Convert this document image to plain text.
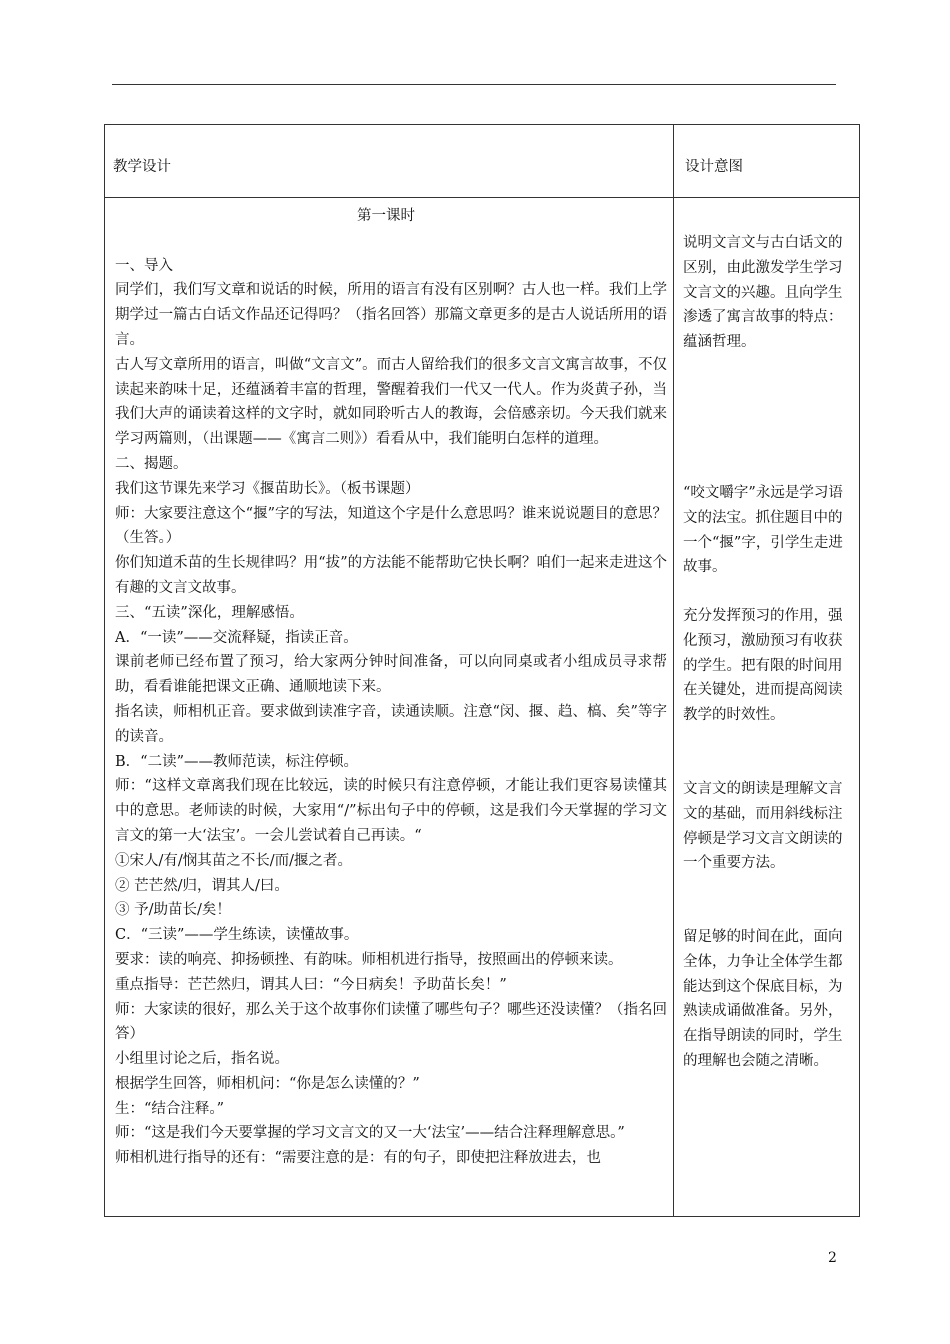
教学设计	设计意图

第一课时

一、导入

同学们，我们写文章和说话的时候，所用的语言有没有区别啊？古人也一样。我们上学期学过一篇古白话文作品还记得吗？（指名回答）那篇文章更多的是古人说话所用的语言。

古人写文章所用的语言，叫做“文言文”。而古人留给我们的很多文言文寓言故事，不仅读起来韵味十足，还蕴涵着丰富的哲理，警醒着我们一代又一代人。作为炎黄子孙，当我们大声的诵读着这样的文字时，就如同聆听古人的教诲，会倍感亲切。今天我们就来学习两篇则，（出课题——《寓言二则》）看看从中，我们能明白怎样的道理。

二、揭题。

我们这节课先来学习《揠苗助长》。（板书课题）

师：大家要注意这个“揠”字的写法，知道这个字是什么意思吗？谁来说说题目的意思？（生答。）

你们知道禾苗的生长规律吗？用“拔”的方法能不能帮助它快长啊？咱们一起来走进这个有趣的文言文故事。

三、“五读”深化，理解感悟。

A．“一读”——交流释疑，指读正音。

课前老师已经布置了预习，给大家两分钟时间准备，可以向同桌或者小组成员寻求帮助，看看谁能把课文正确、通顺地读下来。

指名读，师相机正音。要求做到读准字音，读通读顺。注意“闵、揠、趋、槁、矣”等字的读音。

B．“二读”——教师范读，标注停顿。

师：“这样文章离我们现在比较远，读的时候只有注意停顿，才能让我们更容易读懂其中的意思。老师读的时候，大家用“/”标出句子中的停顿，这是我们今天掌握的学习文言文的第一大‘法宝’。一会儿尝试着自己再读。“

①宋人/有/悯其苗之不长/而/揠之者。

② 芒芒然/归，谓其人/曰。

③ 予/助苗长/矣！

C．“三读”——学生练读，读懂故事。

要求：读的响亮、抑扬顿挫、有韵味。师相机进行指导，按照画出的停顿来读。

重点指导：芒芒然归，谓其人曰：“今日病矣！予助苗长矣！”

师：大家读的很好，那么关于这个故事你们读懂了哪些句子？哪些还没读懂？（指名回答）

小组里讨论之后，指名说。

根据学生回答，师相机问：“你是怎么读懂的？”

生：“结合注释。”

师：“这是我们今天要掌握的学习文言文的又一大‘法宝’——结合注释理解意思。”

师相机进行指导的还有：“需要注意的是：有的句子，即使把注释放进去，也

说明文言文与古白话文的区别，由此激发学生学习文言文的兴趣。且向学生渗透了寓言故事的特点：蕴涵哲理。
“咬文嚼字”永远是学习语文的法宝。抓住题目中的一个“揠”字，引学生走进故事。
充分发挥预习的作用，强化预习，激励预习有收获的学生。把有限的时间用在关键处，进而提高阅读教学的时效性。
文言文的朗读是理解文言文的基础，而用斜线标注停顿是学习文言文朗读的一个重要方法。
留足够的时间在此，面向全体，力争让全体学生都能达到这个保底目标，为熟读成诵做准备。另外，在指导朗读的同时，学生的理解也会随之清晰。
2
